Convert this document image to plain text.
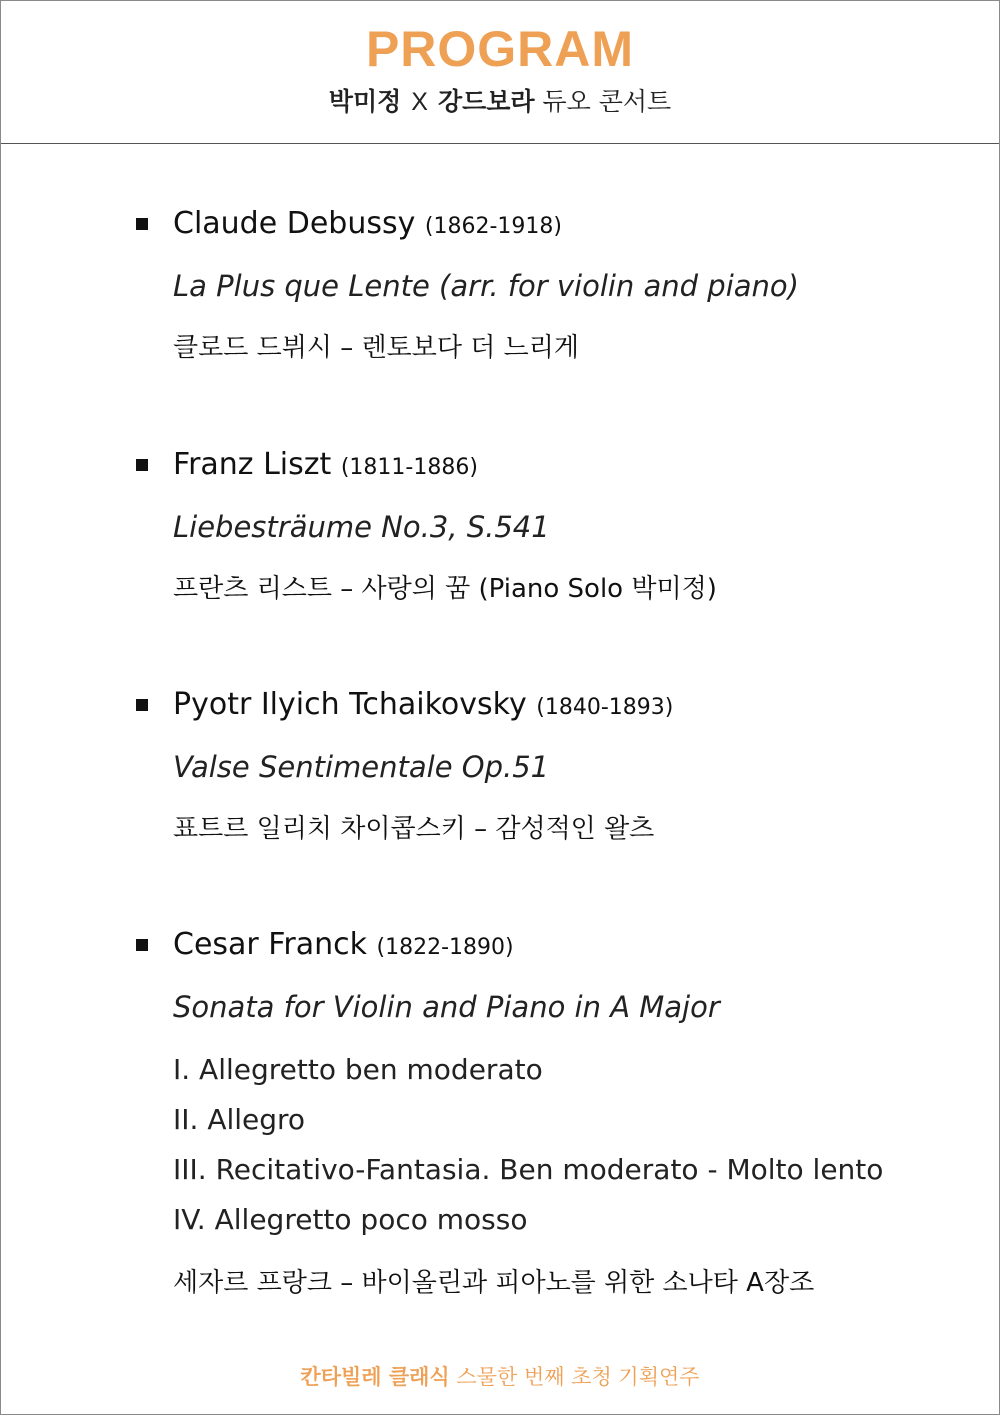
PROGRAM
박미정 X 강드보라 듀오 콘서트
Claude Debussy (1862-1918)
La Plus que Lente (arr. for violin and piano)
클로드 드뷔시 – 렌토보다 더 느리게
Franz Liszt (1811-1886)
Liebesträume No.3, S.541
프란츠 리스트 – 사랑의 꿈 (Piano Solo 박미정)
Pyotr Ilyich Tchaikovsky (1840-1893)
Valse Sentimentale Op.51
표트르 일리치 차이콥스키 – 감성적인 왈츠
Cesar Franck (1822-1890)
Sonata for Violin and Piano in A Major
I. Allegretto ben moderato
II. Allegro
III. Recitativo-Fantasia. Ben moderato - Molto lento
IV. Allegretto poco mosso
세자르 프랑크 – 바이올린과 피아노를 위한 소나타 A장조
칸타빌레 클래식 스물한 번째 초청 기획연주
